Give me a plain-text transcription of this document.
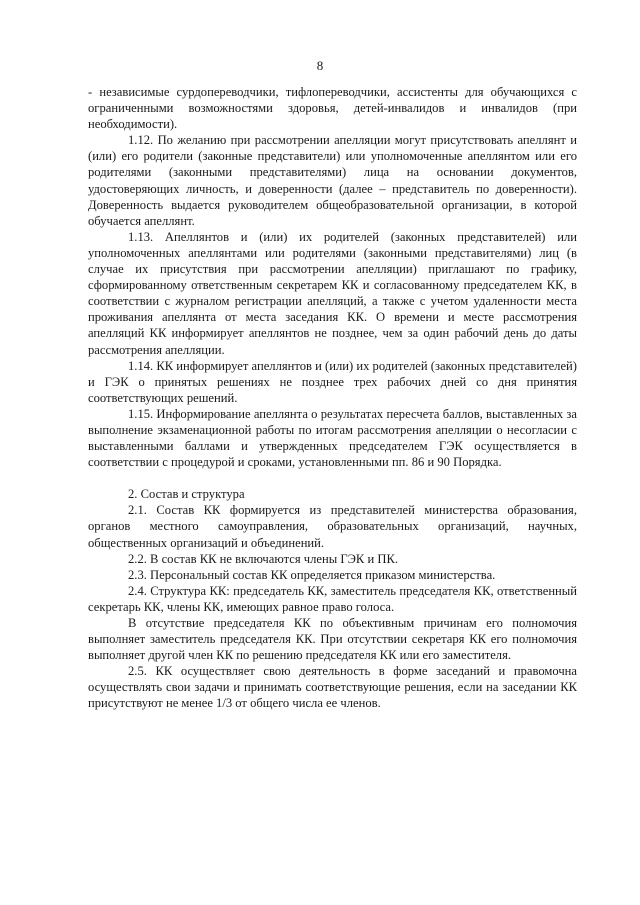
8

- независимые сурдопереводчики, тифлопереводчики, ассистенты для обучающихся с ограниченными возможностями здоровья, детей-инвалидов и инвалидов (при необходимости).

1.12. По желанию при рассмотрении апелляции могут присутствовать апеллянт и (или) его родители (законные представители) или уполномоченные апеллянтом или его родителями (законными представителями) лица на основании документов, удостоверяющих личность, и доверенности (далее – представитель по доверенности). Доверенность выдается руководителем общеобразовательной организации, в которой обучается апеллянт.

1.13. Апеллянтов и (или) их родителей (законных представителей) или уполномоченных апеллянтами или родителями (законными представителями) лиц (в случае их присутствия при рассмотрении апелляции) приглашают по графику, сформированному ответственным секретарем КК и согласованному председателем КК, в соответствии с журналом регистрации апелляций, а также с учетом удаленности места проживания апеллянта от места заседания КК. О времени и месте рассмотрения апелляций КК информирует апеллянтов не позднее, чем за один рабочий день до даты рассмотрения апелляции.

1.14. КК информирует апеллянтов и (или) их родителей (законных представителей) и ГЭК о принятых решениях не позднее трех рабочих дней со дня принятия соответствующих решений.

1.15. Информирование апеллянта о результатах пересчета баллов, выставленных за выполнение экзаменационной работы по итогам рассмотрения апелляции о несогласии с выставленными баллами и утвержденных председателем ГЭК осуществляется в соответствии с процедурой и сроками, установленными пп. 86 и 90 Порядка.

2. Состав и структура

2.1. Состав КК формируется из представителей министерства образования, органов местного самоуправления, образовательных организаций, научных, общественных организаций и объединений.

2.2. В состав КК не включаются члены ГЭК и ПК.

2.3. Персональный состав КК определяется приказом министерства.

2.4. Структура КК: председатель КК, заместитель председателя КК, ответственный секретарь КК, члены КК, имеющих равное право голоса.

В отсутствие председателя КК по объективным причинам его полномочия выполняет заместитель председателя КК. При отсутствии секретаря КК его полномочия выполняет другой член КК по решению председателя КК или его заместителя.

2.5. КК осуществляет свою деятельность в форме заседаний и правомочна осуществлять свои задачи и принимать соответствующие решения, если на заседании КК присутствуют не менее 1/3 от общего числа ее членов.
